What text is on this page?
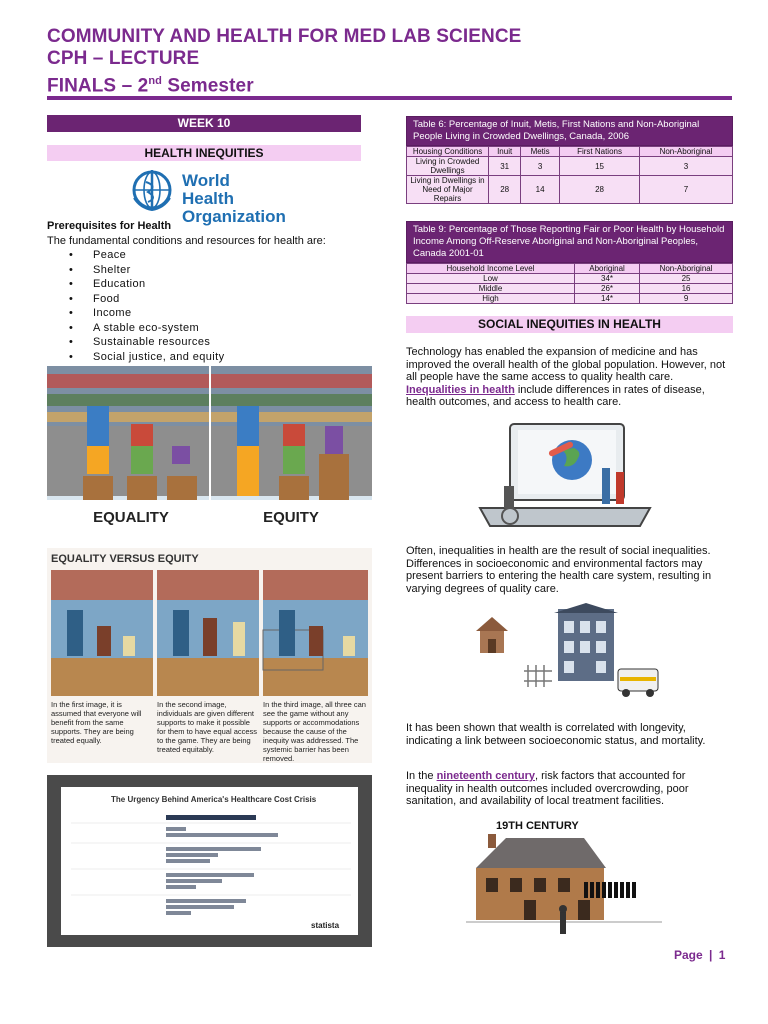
COMMUNITY AND HEALTH FOR MED LAB SCIENCE
CPH – LECTURE
FINALS – 2nd Semester
WEEK 10
HEALTH INEQUITIES
World Health
Organization
Prerequisites for Health
The fundamental conditions and resources for health are:
• Peace
• Shelter
• Education
• Food
• Income
• A stable eco-system
• Sustainable resources
• Social justice, and equity
EQUALITY	EQUITY
EQUALITY VERSUS EQUITY
In the first image, it is assumed that everyone will benefit from the same supports. They are being treated equally.
In the second image, individuals are given different supports to make it possible for them to have equal access to the game. They are being treated equitably.
In the third image, all three can see the game without any supports or accommodations because the cause of the inequity was addressed. The systemic barrier has been removed.
The Urgency Behind America's Healthcare Cost Crisis
statista
Table 6: Percentage of Inuit, Metis, First Nations and Non-Aboriginal People Living in Crowded Dwellings, Canada, 2006
Housing Conditions	Inuit	Metis	First Nations	Non-Aboriginal
Living in Crowded Dwellings	31	3	15	3
Living in Dwellings in Need of Major Repairs	28	14	28	7
Table 9: Percentage of Those Reporting Fair or Poor Health by Household Income Among Off-Reserve Aboriginal and Non-Aboriginal Peoples, Canada 2001-01
Household Income Level	Aboriginal	Non-Aboriginal
Low	34*	25
Middle	26*	16
High	14*	9
SOCIAL INEQUITIES IN HEALTH
Technology has enabled the expansion of medicine and has improved the overall health of the global population. However, not all people have the same access to quality health care. Inequalities in health include differences in rates of disease, health outcomes, and access to health care.
Often, inequalities in health are the result of social inequalities. Differences in socioeconomic and environmental factors may present barriers to entering the health care system, resulting in varying degrees of quality care.
It has been shown that wealth is correlated with longevity, indicating a link between socioeconomic status, and mortality.
In the nineteenth century, risk factors that accounted for inequality in health outcomes included overcrowding, poor sanitation, and availability of local treatment facilities.
19TH CENTURY
Page | 1
